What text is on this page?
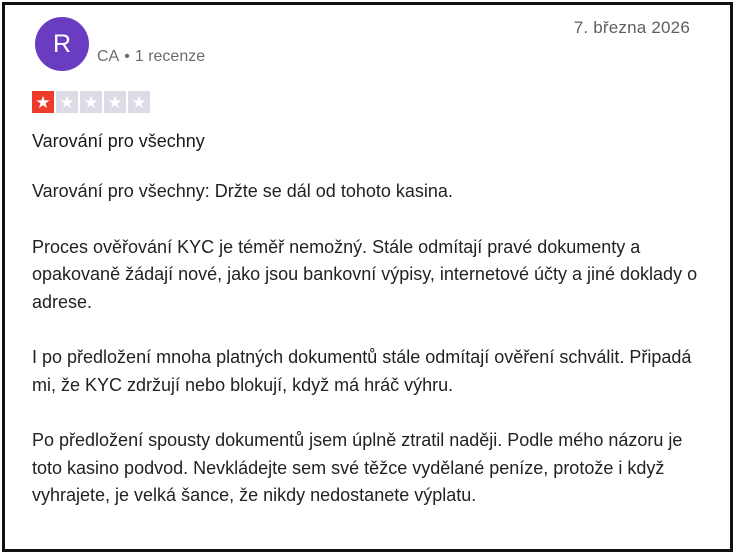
R CA • 1 recenze
7. března 2026
★ ★ ★ ★ ★
Varování pro všechny

Varování pro všechny: Držte se dál od tohoto kasina.

Proces ověřování KYC je téměř nemožný. Stále odmítají pravé dokumenty a opakovaně žádají nové, jako jsou bankovní výpisy, internetové účty a jiné doklady o adrese.

I po předložení mnoha platných dokumentů stále odmítají ověření schválit. Připadá mi, že KYC zdržují nebo blokují, když má hráč výhru.

Po předložení spousty dokumentů jsem úplně ztratil naději. Podle mého názoru je toto kasino podvod. Nevkládejte sem své těžce vydělané peníze, protože i když vyhrajete, je velká šance, že nikdy nedostanete výplatu.
